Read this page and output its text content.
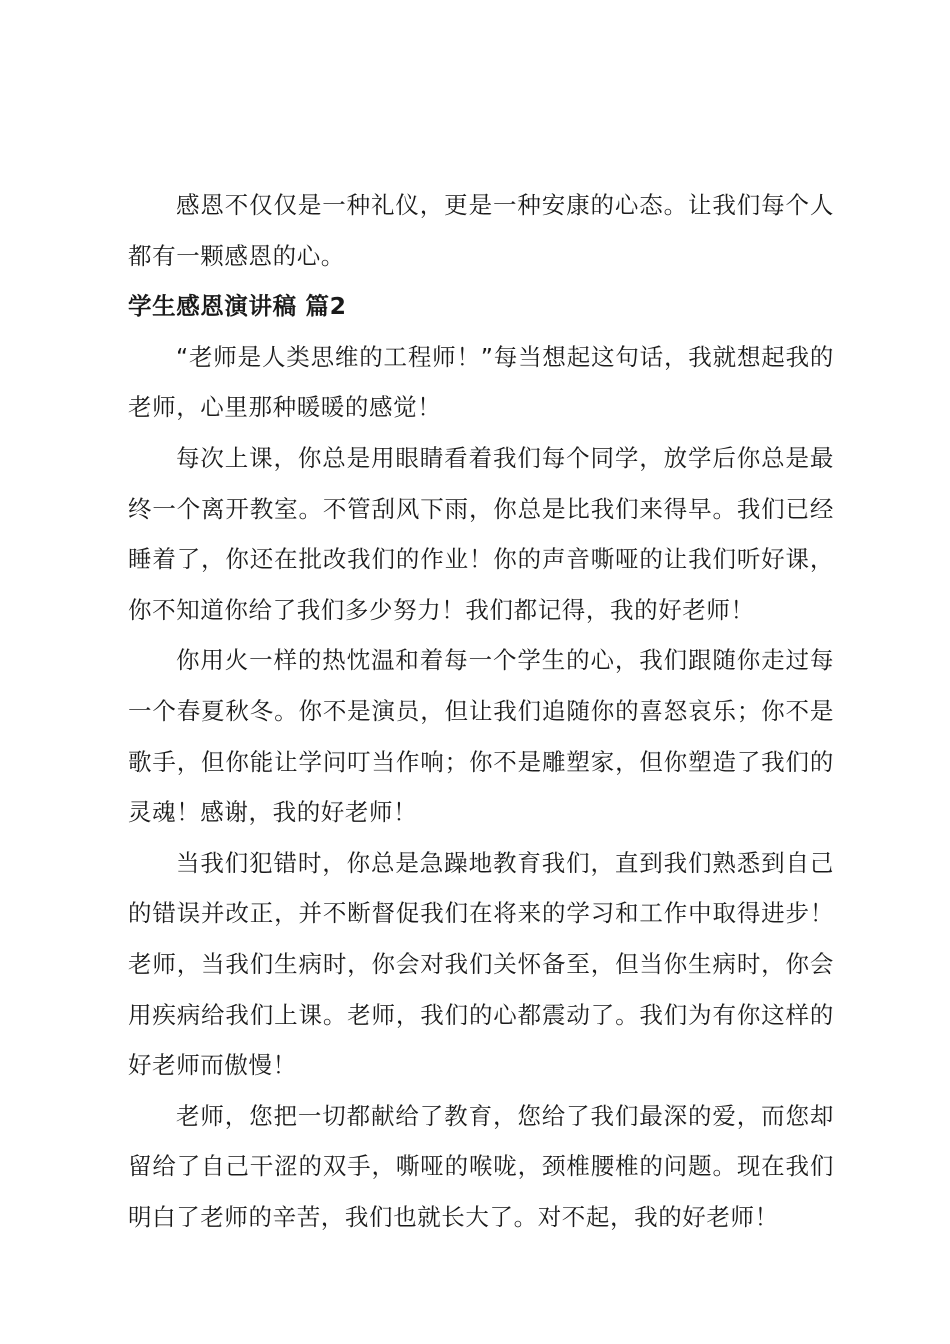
感恩不仅仅是一种礼仪，更是一种安康的心态。让我们每个人都有一颗感恩的心。

学生感恩演讲稿 篇2

“老师是人类思维的工程师！”每当想起这句话，我就想起我的老师，心里那种暖暖的感觉！

每次上课，你总是用眼睛看着我们每个同学，放学后你总是最终一个离开教室。不管刮风下雨，你总是比我们来得早。我们已经睡着了，你还在批改我们的作业！你的声音嘶哑的让我们听好课，你不知道你给了我们多少努力！我们都记得，我的好老师！

你用火一样的热忱温和着每一个学生的心，我们跟随你走过每一个春夏秋冬。你不是演员，但让我们追随你的喜怒哀乐；你不是歌手，但你能让学问叮当作响；你不是雕塑家，但你塑造了我们的灵魂！感谢，我的好老师！

当我们犯错时，你总是急躁地教育我们，直到我们熟悉到自己的错误并改正，并不断督促我们在将来的学习和工作中取得进步！老师，当我们生病时，你会对我们关怀备至，但当你生病时，你会用疾病给我们上课。老师，我们的心都震动了。我们为有你这样的好老师而傲慢！

老师，您把一切都献给了教育，您给了我们最深的爱，而您却留给了自己干涩的双手，嘶哑的喉咙，颈椎腰椎的问题。现在我们明白了老师的辛苦，我们也就长大了。对不起，我的好老师！
